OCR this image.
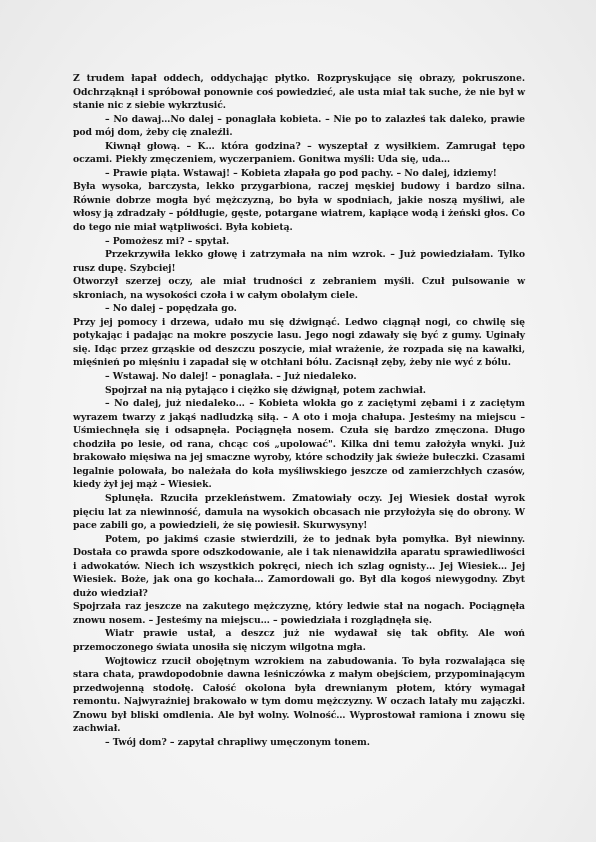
Z trudem łapał oddech, oddychając płytko. Rozpryskujące się obrazy, pokruszone. Odchrząknął i spróbował ponownie coś powiedzieć, ale usta miał tak suche, że nie był w stanie nic z siebie wykrztusić.

– No dawaj…No dalej – ponaglała kobieta. – Nie po to zalazłeś tak daleko, prawie pod mój dom, żeby cię znaleźli.

Kiwnął głową. – K… która godzina? – wyszeptał z wysiłkiem. Zamrugał tępo oczami. Piekły zmęczeniem, wyczerpaniem. Gonitwa myśli: Uda się, uda…

– Prawie piąta. Wstawaj! – Kobieta złapała go pod pachy. – No dalej, idziemy!

Była wysoka, barczysta, lekko przygarbiona, raczej męskiej budowy i bardzo silna. Równie dobrze mogła być mężczyzną, bo była w spodniach, jakie noszą myśliwi, ale włosy ją zdradzały – półdługie, gęste, potargane wiatrem, kapiące wodą i żeński głos. Co do tego nie miał wątpliwości. Była kobietą.

– Pomożesz mi? – spytał.

Przekrzywiła lekko głowę i zatrzymała na nim wzrok. – Już powiedziałam. Tylko rusz dupę. Szybciej!

Otworzył szerzej oczy, ale miał trudności z zebraniem myśli. Czuł pulsowanie w skroniach, na wysokości czoła i w całym obolałym ciele.

– No dalej – popędzała go.

Przy jej pomocy i drzewa, udało mu się dźwignąć. Ledwo ciągnął nogi, co chwilę się potykając i padając na mokre poszycie lasu. Jego nogi zdawały się być z gumy. Uginały się. Idąc przez grząskie od deszczu poszycie, miał wrażenie, że rozpada się na kawałki, mięśnień po mięśniu i zapadał się w otchłani bólu. Zacisnął zęby, żeby nie wyć z bólu.

– Wstawaj. No dalej! – ponaglała. – Już niedaleko.

Spojrzał na nią pytająco i ciężko się dźwignął, potem zachwiał.

– No dalej, już niedaleko… – Kobieta wlokła go z zaciętymi zębami i z zaciętym wyrazem twarzy z jakąś nadludzką siłą. – A oto i moja chałupa. Jesteśmy na miejscu – Uśmiechnęła się i odsapnęła. Pociągnęła nosem. Czuła się bardzo zmęczona. Długo chodziła po lesie, od rana, chcąc coś „upolować". Kilka dni temu założyła wnyki. Już brakowało mięsiwa na jej smaczne wyroby, które schodziły jak świeże bułeczki. Czasami legalnie polowała, bo należała do koła myśliwskiego jeszcze od zamierzchłych czasów, kiedy żył jej mąż – Wiesiek.

Splunęła. Rzuciła przekleństwem. Zmatowiały oczy. Jej Wiesiek dostał wyrok pięciu lat za niewinność, damula na wysokich obcasach nie przyłożyła się do obrony. W pace zabili go, a powiedzieli, że się powiesił. Skurwysyny!

Potem, po jakimś czasie stwierdzili, że to jednak była pomyłka. Był niewinny. Dostała co prawda spore odszkodowanie, ale i tak nienawidziła aparatu sprawiedliwości i adwokatów. Niech ich wszystkich pokręci, niech ich szlag ognisty… Jej Wiesiek… Jej Wiesiek. Boże, jak ona go kochała… Zamordowali go. Był dla kogoś niewygodny. Zbyt dużo wiedział?

Spojrzała raz jeszcze na zakutego mężczyznę, który ledwie stał na nogach. Pociągnęła znowu nosem. – Jesteśmy na miejscu… – powiedziała i rozglądnęła się.

Wiatr prawie ustał, a deszcz już nie wydawał się tak obfity. Ale woń przemoczonego świata unosiła się niczym wilgotna mgła.

Wojtowicz rzucił obojętnym wzrokiem na zabudowania. To była rozwalająca się stara chata, prawdopodobnie dawna leśniczówka z małym obejściem, przypominającym przedwojenną stodołę. Całość okolona była drewnianym płotem, który wymagał remontu. Najwyraźniej brakowało w tym domu mężczyzny. W oczach latały mu zajączki. Znowu był bliski omdlenia. Ale był wolny. Wolność… Wyprostował ramiona i znowu się zachwiał.

– Twój dom? – zapytał chrapliwy umęczonym tonem.
